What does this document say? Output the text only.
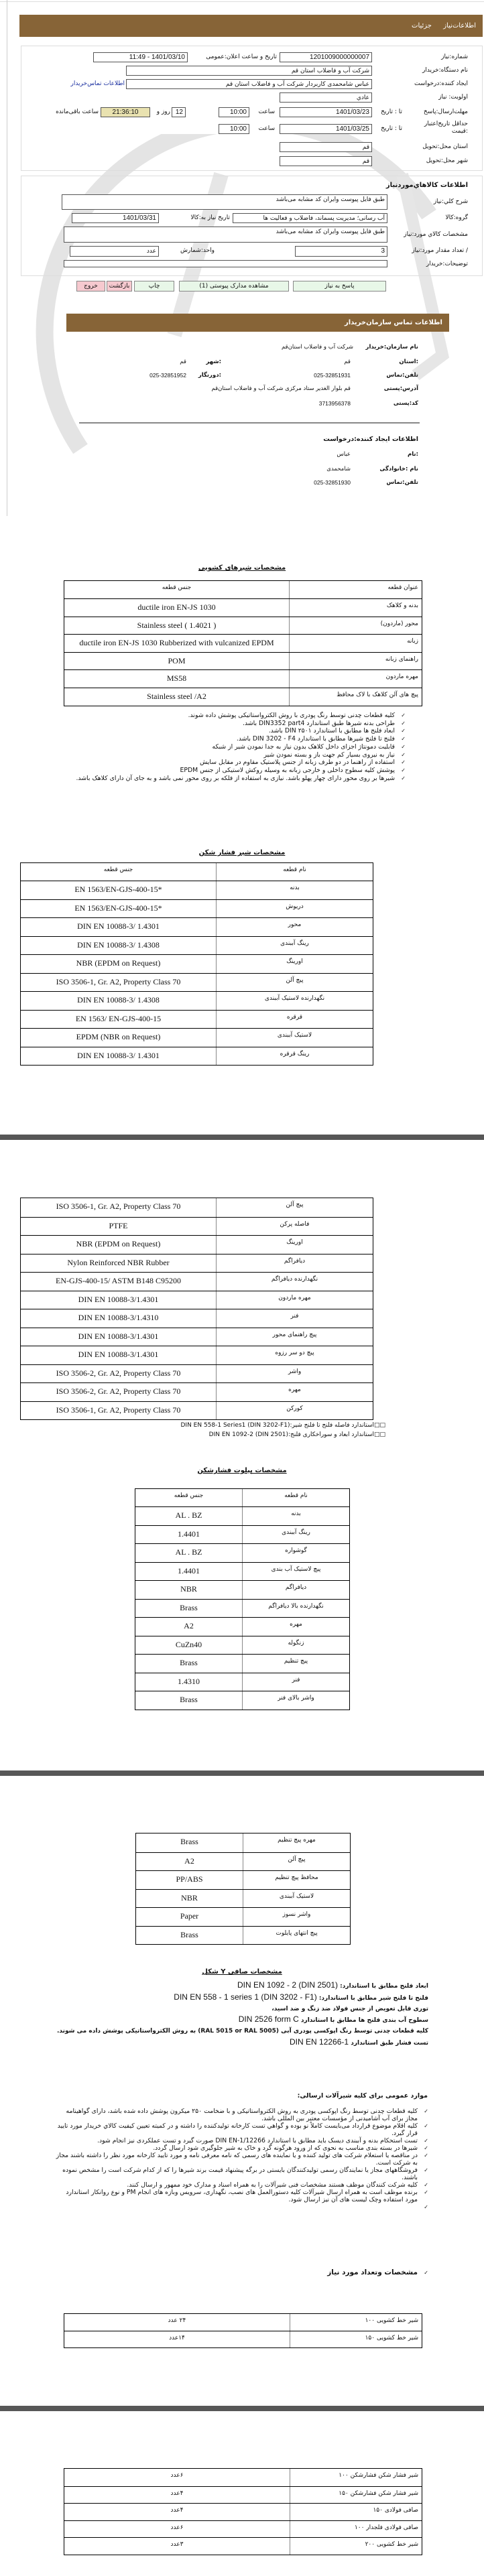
اطلاعات‌نیاز جزئیات
شماره:نیاز
1201009000000007
تاریخ و ساعت اعلان:عمومی
1401/03/10 - 11:49
نام دستگاه:خریدار
شرکت آب و فاضلاب استان قم
ایجاد کننده:درخواست
عباس شامحمدی کاربردار شرکت آب و فاضلاب استان قم
اطلاعات تماس‌خریدار
اولویت: نیاز
عادي
مهلت‌ارسال:پاسخ
تا : تاریخ
1401/03/23
ساعت
10:00
12
روز و
21:36:10
ساعت باقی‌مانده
حداقل تاریخ‌اعتبار :قیمت
تا : تاریخ
1401/03/25
ساعت
10:00
استان محل:تحویل
قم
شهر محل:تحویل
قم
اطلاعات کالاهاي‌مورد‌نیاز
شرح کلي:نیاز
طبق فایل پیوست وایران کد مشابه می‌باشد
گروه:کالا
آب رسانی؛ مدیریت پسماند، فاضلاب و فعالیت ها
تاریخ نیاز به:کالا
1401/03/31
مشخصات کالاي مورد:نیاز
طبق فایل پیوست وایران کد مشابه می‌باشد
/ تعداد مقدار مورد:نیاز
3
واحد:شمارش
عدد
توضیحات:خریدار
پاسخ به نیاز
مشاهده مدارک پیوستی (1)
چاپ
بازگشت
خروج
اطلاعات تماس سازمان‌خریدار
نام سازمان:خریدار
شرکت آب و فاضلاب استان‌قم
:استان
قم
:شهر
قم
تلفن:تماس
025-32851931
:دورنگار
025-32851952
آدرس:پستی
قم بلوار الغدیر ستاد مرکزی شرکت آب و فاضلاب استان‌قم
کد:پستی
3713956378
اطلاعات ایجاد کننده:درخواست
:نام
عباس
نام :خانوادگی
شامحمدی
تلفن:تماس
025-32851930
مشخصات شیرهای کشویی
عنوان قطعه
جنس قطعه
بدنه و کلاهک
ductile iron EN-JS 1030
محور (ماردون)
Stainless steel ( 1.4021 )
زبانه
ductile iron EN-JS 1030 Rubberized with vulcanized EPDM
راهنمای زبانه
POM
مهره ماردون
MS58
پیچ های آلن کلاهک با لاک محافظ
Stainless steel /A2
✓ کلیه قطعات چدنی توسط رنگ پودری با روش الکترواستاتیکی پوشش داده شوند.
✓ طراحی بدنه شیرها طبق استاندارد DIN3352 part4 باشد.
✓ ابعاد فلنج ها مطابق با استاندارد ۲۵۰۱ DIN باشد.
✓ فلنج تا فلنج شیرها مطابق با استاندارد DIN 3202 - F4 باشد.
✓ قابلیت دمونتاژ اجزای داخل کلاهک بدون نیاز به جدا نمودن شیر از شبکه
✓ نیاز به نیروی بسیار کم جهت باز و بسته نمودن شیر
✓ استفاده از راهنما در دو طرف زبانه از جنس پلاستیک مقاوم در مقابل سایش
✓ پوشش کلیه سطوح داخلی و خارجی زبانه به وسیله روکش لاستیکی از جنس EPDM
✓ شیرها بر روی محور دارای چهار پهلو باشد. نیازی به استفاده از فلکه بر روی محور نمی باشد و به جای آن دارای کلاهک باشد.
مشخصات شیر فشار شکن
نام قطعه
جنس قطعه
بدنه
*EN 1563/EN-GJS-400-15
دریوش
*EN 1563/EN-GJS-400-15
محور
DIN EN 10088-3/ 1.4301
رینگ آببندی
DIN EN 10088-3/ 1.4308
اورینگ
NBR (EPDM on Request)
پیچ آلن
ISO 3506-1, Gr. A2, Property Class 70
نگهدارنده لاستیک آببندی
DIN EN 10088-3/ 1.4308
قرقره
EN 1563/ EN-GJS-400-15
لاستیک آببندی
EPDM (NBR on Request)
رینگ قرقره
DIN EN 10088-3/ 1.4301
پیچ آلن
ISO 3506-1, Gr. A2, Property Class 70
فاصله پرکن
PTFE
اورینگ
NBR (EPDM on Request)
دیافراگم
Nylon Reinforced NBR Rubber
نگهدارنده دیافراگم
EN-GJS-400-15/ ASTM B148 C95200
مهره ماردون
DIN EN 10088-3/1.4301
فنر
DIN EN 10088-3/1.4310
پیچ راهنمای محور
DIN EN 10088-3/1.4301
پیچ دو سر رزوه
DIN EN 10088-3/1.4301
واشر
ISO 3506-2, Gr. A2, Property Class 70
مهره
ISO 3506-2, Gr. A2, Property Class 70
کورکن
ISO 3506-1, Gr. A2, Property Class 70
□□استاندارد فاصله فلنج تا فلنج شیر:DIN EN 558-1 Series1 (DIN 3202-F1)
□□استاندارد ابعاد و سوراخکاری فلنج:DIN EN 1092-2 (DIN 2501)
مشخصات پیلوت فشارشکن
نام قطعه
جنس قطعه
بدنه
AL . BZ
رینگ آببندی
1.4401
گوشواره
AL . BZ
پیچ لاستیک آب بندی
1.4401
دیافراگم
NBR
نگهدارنده بالا دیافراگم
Brass
مهره
A2
زنگوله
CuZn40
پیچ تنظیم
Brass
فنر
1.4310
واشر بالای فنر
Brass
مهره پیچ تنظیم
Brass
پیچ آلن
A2
محافظ پیچ تنظیم
PP/ABS
لاستیک آببندی
NBR
واشر نسوز
Paper
پیچ انتهای پایلوت
Brass
مشخصات صافی Y شکل
ابعاد فلنج مطابق با استاندارد: DIN EN 1092 - 2 (DIN 2501)
فلنج تا فلنج شیر مطابق با استاندارد: DIN EN 558 - 1 series 1 (DIN 3202 - F1)
توری قابل تعویض از جنس فولاد ضد زنگ و ضد اسید،
سطوح آب بندی فلنج ها مطابق با استاندارد DIN 2526 form C
کلیه قطعات چدنی توسط رنگ اپوکسی پودری آبی (RAL 5015 or RAL 5005) به روش الکترواستاتیکی پوشش داده می شوند.
تست فشار طبق استاندارد DIN EN 12266-1
موارد عمومی برای کلیه شیرآلات ارسالی:
✓ کلیه قطعات چدنی توسط رنگ اپوکسی پودری به روش الکترواستاتیکی و با ضخامت ۲۵۰ میکرون پوشش داده شده باشد، دارای گواهینامه مجاز برای آب آشامیدنی از مؤسسات معتبر بین المللی باشد.
✓ کلیه اقلام موضوع قرارداد می‌بایست کاملاً نو بوده و گواهي تست کارخانه تولیدکننده را داشته و در کمیته تعیین کیفیت کالاي خریدار مورد تایید قرار گیرد.
✓ تست استحکام بدنه و آببندی دیسک باید مطابق با استاندارد DIN EN-1/12266 صورت گیرد و تست عملکردی نیز انجام شود.
✓ شیرها در بسته بندی مناسب به نحوی که از ورود هرگونه گرد و خاک به شیر جلوگیری شود ارسال گردد.
✓ در مناقصه یا استعلام شرکت های تولید کننده و یا نماینده های رسمی که نامه معرفی نامه و مورد تایید کارخانه مورد نظر را داشته باشند مجاز به شرکت است.
✓ فروشگاههای مجاز یا نمایندگان رسمی تولیدکنندگان بایستی در برگه پیشنهاد قیمت برند شیرها را که از کدام شرکت است را مشخص نموده باشند.
✓ کلیه شرکت کنندگان موظف هستند مشخصات فنی شیرآلات را به همراه اسناد و مدارک خود ممهور و ارسال کنند.
✓ برنده موظف است به همراه ارسال شیرآلات کلیه دستورالعمل های نصب، نگهداری، سرویس وبازه های انجام PM و نوع روانکار استاندارد مورد استفاده وچک لیست های آن نیز ارسال شود.
✓
✓ مشخصات وتعداد مورد نیاز
شیر خط کشویی ۱۰۰
۲۴ عدد
شیر خط کشویی ۱۵۰
۱۴عدد
شیر فشار شکن فشارشکن ۱۰۰
۶عدد
شیر فشار شکن فشارشکن ۱۵۰
۴عدد
صافی فولادی ۱۵۰
۴عدد
صافی فولادی فلجدار ۱۰۰
۶عدد
شیر خط کشویی ۲۰۰
۳عدد
